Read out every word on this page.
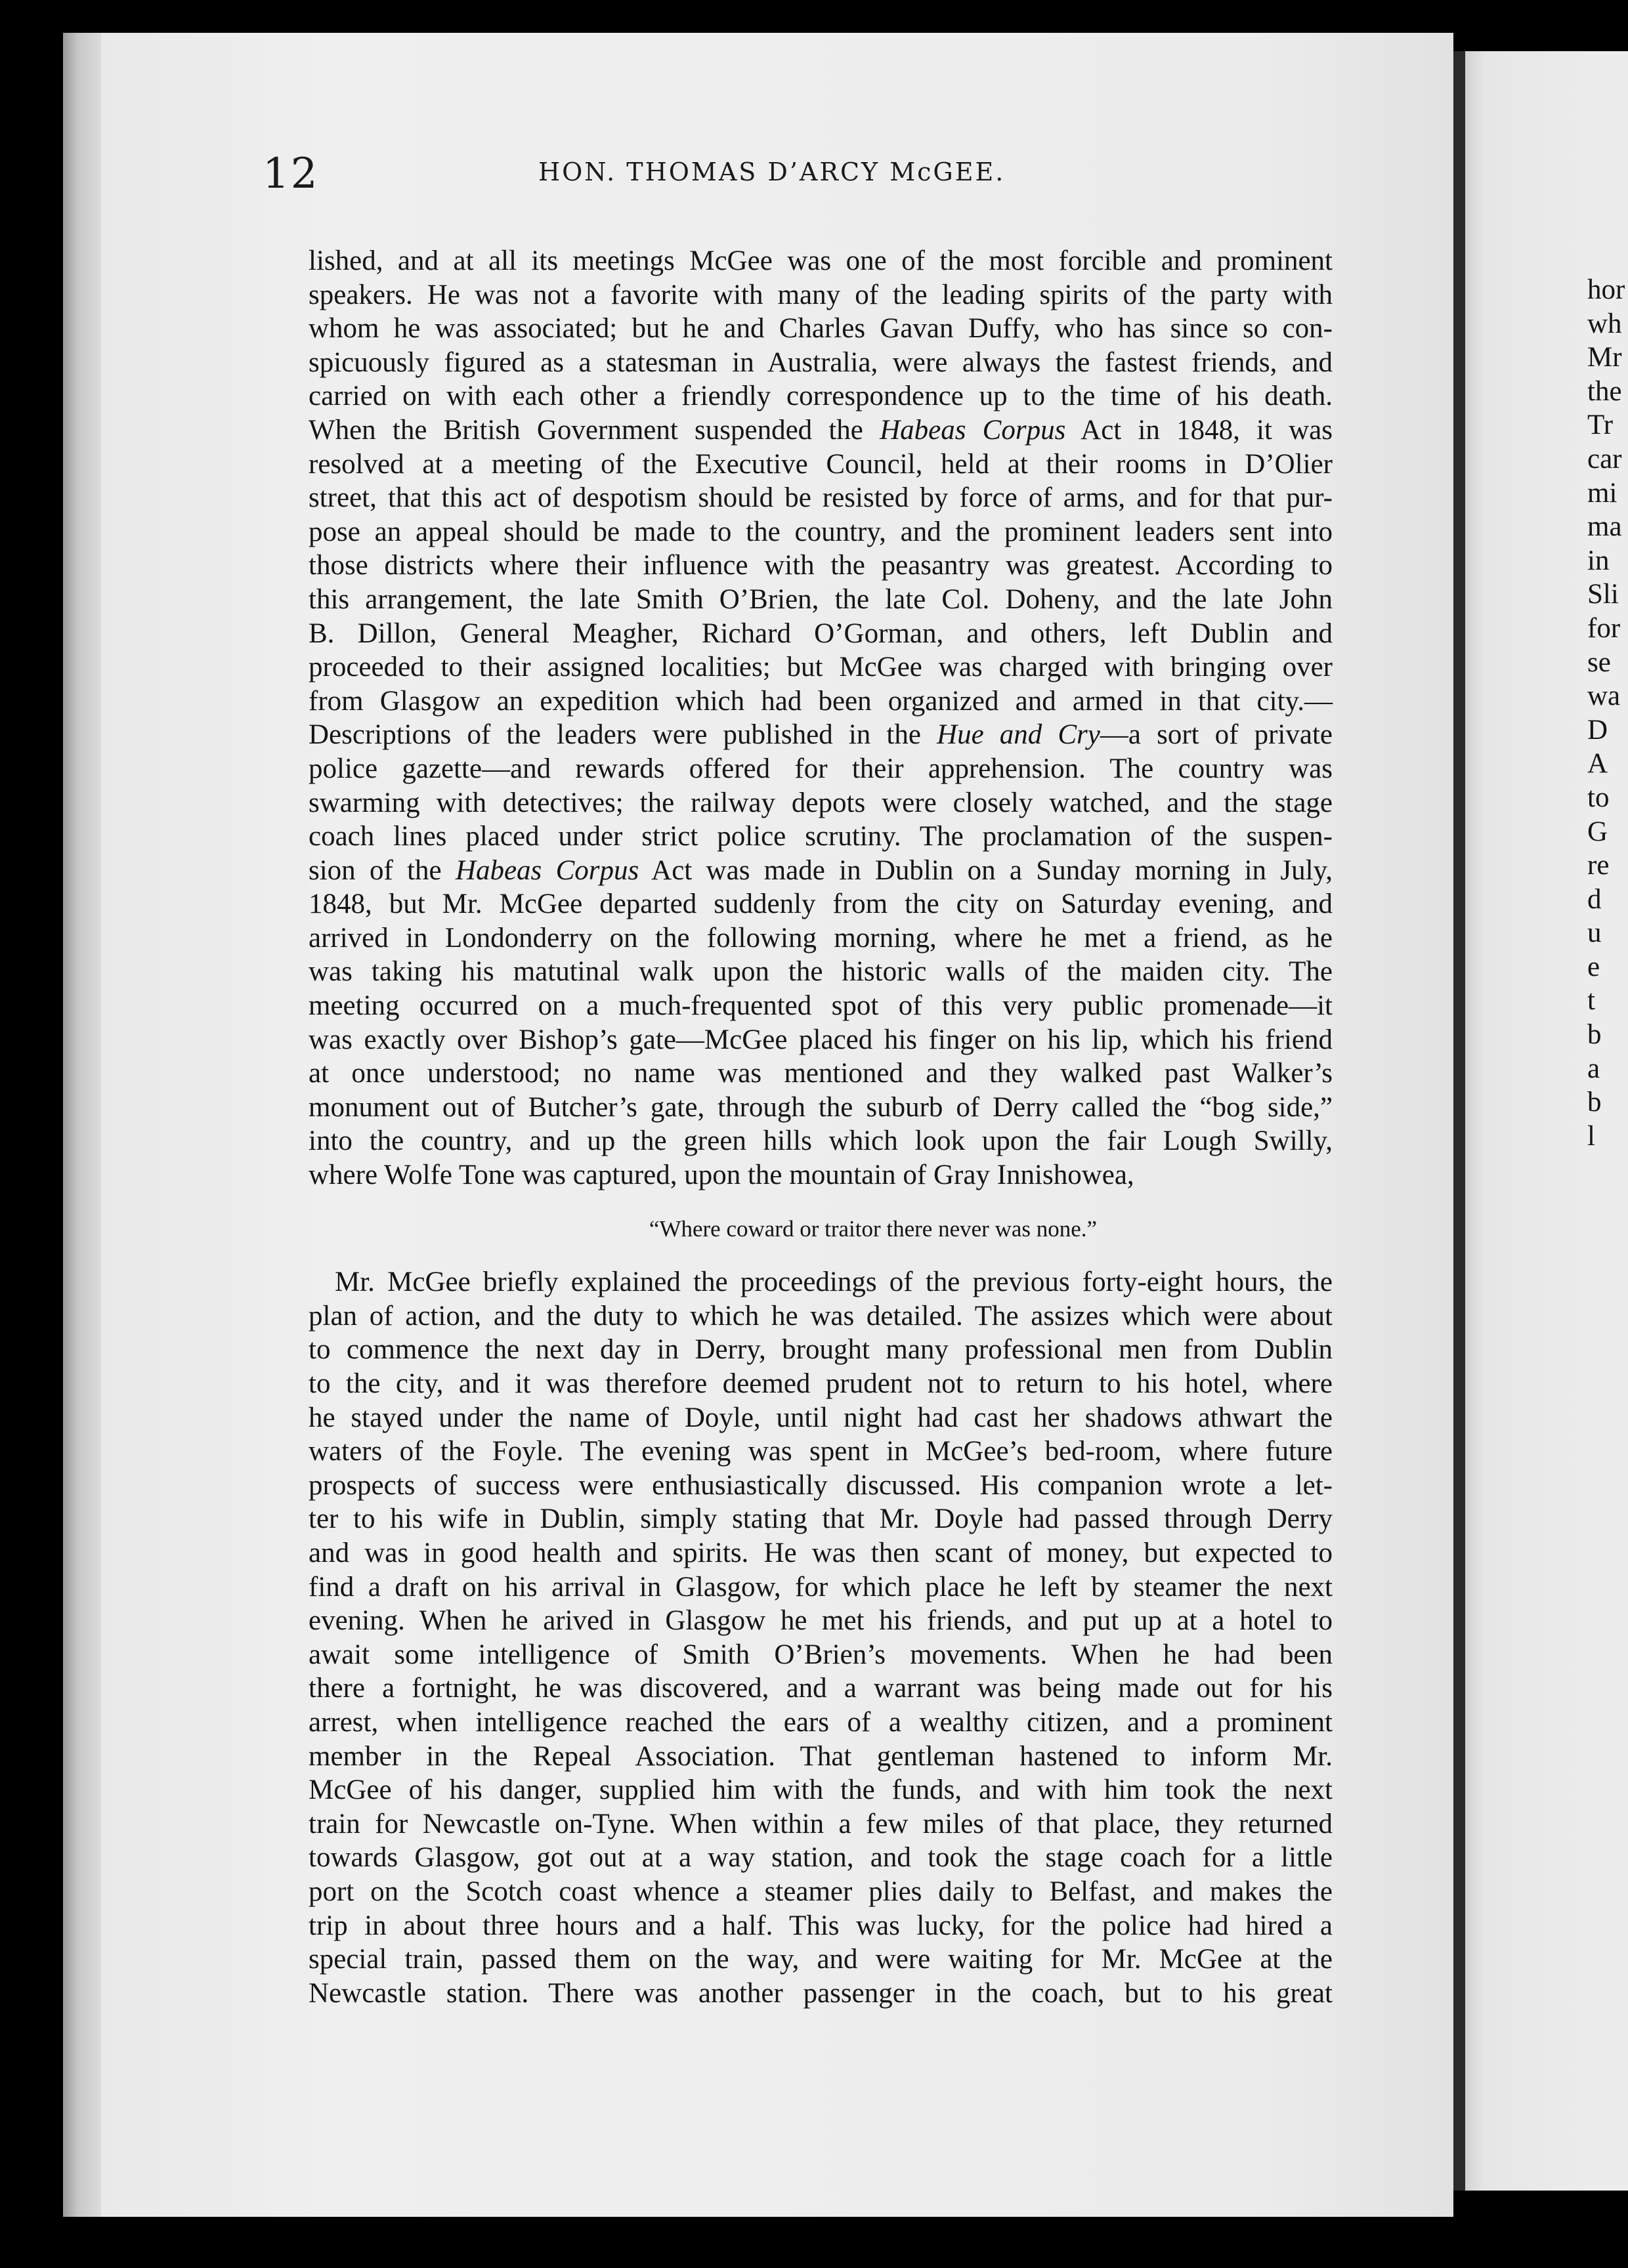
12	HON. THOMAS D’ARCY McGEE.
lished, and at all its meetings McGee was one of the most forcible and prominent
speakers. He was not a favorite with many of the leading spirits of the party with
whom he was associated; but he and Charles Gavan Duffy, who has since so con-
spicuously figured as a statesman in Australia, were always the fastest friends, and
carried on with each other a friendly correspondence up to the time of his death.
When the British Government suspended the Habeas Corpus Act in 1848, it was
resolved at a meeting of the Executive Council, held at their rooms in D’Olier
street, that this act of despotism should be resisted by force of arms, and for that pur-
pose an appeal should be made to the country, and the prominent leaders sent into
those districts where their influence with the peasantry was greatest. According to
this arrangement, the late Smith O’Brien, the late Col. Doheny, and the late John
B. Dillon, General Meagher, Richard O’Gorman, and others, left Dublin and
proceeded to their assigned localities; but McGee was charged with bringing over
from Glasgow an expedition which had been organized and armed in that city.—
Descriptions of the leaders were published in the Hue and Cry—a sort of private
police gazette—and rewards offered for their apprehension. The country was
swarming with detectives; the railway depots were closely watched, and the stage
coach lines placed under strict police scrutiny. The proclamation of the suspen-
sion of the Habeas Corpus Act was made in Dublin on a Sunday morning in July,
1848, but Mr. McGee departed suddenly from the city on Saturday evening, and
arrived in Londonderry on the following morning, where he met a friend, as he
was taking his matutinal walk upon the historic walls of the maiden city. The
meeting occurred on a much-frequented spot of this very public promenade—it
was exactly over Bishop’s gate—McGee placed his finger on his lip, which his friend
at once understood; no name was mentioned and they walked past Walker’s
monument out of Butcher’s gate, through the suburb of Derry called the “bog side,”
into the country, and up the green hills which look upon the fair Lough Swilly,
where Wolfe Tone was captured, upon the mountain of Gray Innishowea,
“Where coward or traitor there never was none.”
Mr. McGee briefly explained the proceedings of the previous forty-eight hours, the
plan of action, and the duty to which he was detailed. The assizes which were about
to commence the next day in Derry, brought many professional men from Dublin
to the city, and it was therefore deemed prudent not to return to his hotel, where
he stayed under the name of Doyle, until night had cast her shadows athwart the
waters of the Foyle. The evening was spent in McGee’s bed-room, where future
prospects of success were enthusiastically discussed. His companion wrote a let-
ter to his wife in Dublin, simply stating that Mr. Doyle had passed through Derry
and was in good health and spirits. He was then scant of money, but expected to
find a draft on his arrival in Glasgow, for which place he left by steamer the next
evening. When he arived in Glasgow he met his friends, and put up at a hotel to
await some intelligence of Smith O’Brien’s movements. When he had been
there a fortnight, he was discovered, and a warrant was being made out for his
arrest, when intelligence reached the ears of a wealthy citizen, and a prominent
member in the Repeal Association. That gentleman hastened to inform Mr.
McGee of his danger, supplied him with the funds, and with him took the next
train for Newcastle on-Tyne. When within a few miles of that place, they returned
towards Glasgow, got out at a way station, and took the stage coach for a little
port on the Scotch coast whence a steamer plies daily to Belfast, and makes the
trip in about three hours and a half. This was lucky, for the police had hired a
special train, passed them on the way, and were waiting for Mr. McGee at the
Newcastle station. There was another passenger in the coach, but to his great
hor
wh
Mr
the
Tr
car
mi
ma
in
Sli
for
se
wa
D
A
to
G
re
d
u
e
t
b
a
b
l
